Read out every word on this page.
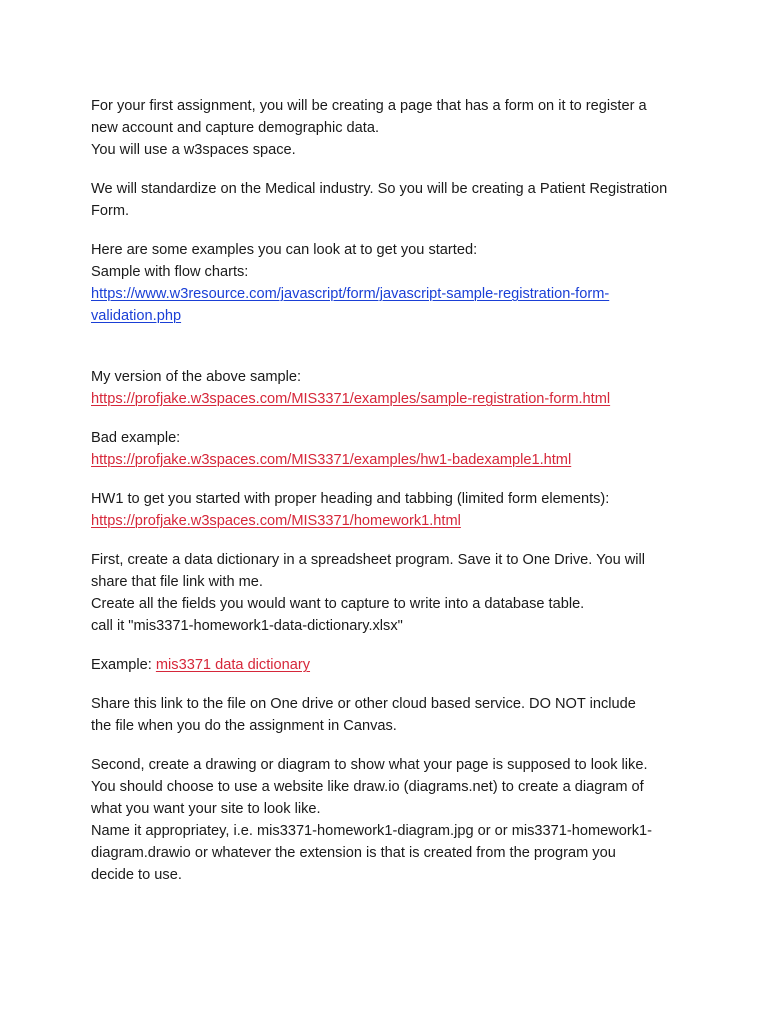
For your first assignment, you will be creating a page that has a form on it to register a
new account and capture demographic data.
You will use a w3spaces space.
We will standardize on the Medical industry. So you will be creating a Patient Registration
Form.
Here are some examples you can look at to get you started:
Sample with flow charts:
https://www.w3resource.com/javascript/form/javascript-sample-registration-form-
validation.php
My version of the above sample:
https://profjake.w3spaces.com/MIS3371/examples/sample-registration-form.html
Bad example:
https://profjake.w3spaces.com/MIS3371/examples/hw1-badexample1.html
HW1 to get you started with proper heading and tabbing (limited form elements):
https://profjake.w3spaces.com/MIS3371/homework1.html
First, create a data dictionary in a spreadsheet program. Save it to One Drive. You will
share that file link with me.
Create all the fields you would want to capture to write into a database table.
call it "mis3371-homework1-data-dictionary.xlsx"
Example: mis3371 data dictionary
Share this link to the file on One drive or other cloud based service. DO NOT include
the file when you do the assignment in Canvas.
Second, create a drawing or diagram to show what your page is supposed to look like.
You should choose to use a website like draw.io (diagrams.net) to create a diagram of
what you want your site to look like.
Name it appropriatey, i.e. mis3371-homework1-diagram.jpg or or mis3371-homework1-
diagram.drawio or whatever the extension is that is created from the program you
decide to use.
